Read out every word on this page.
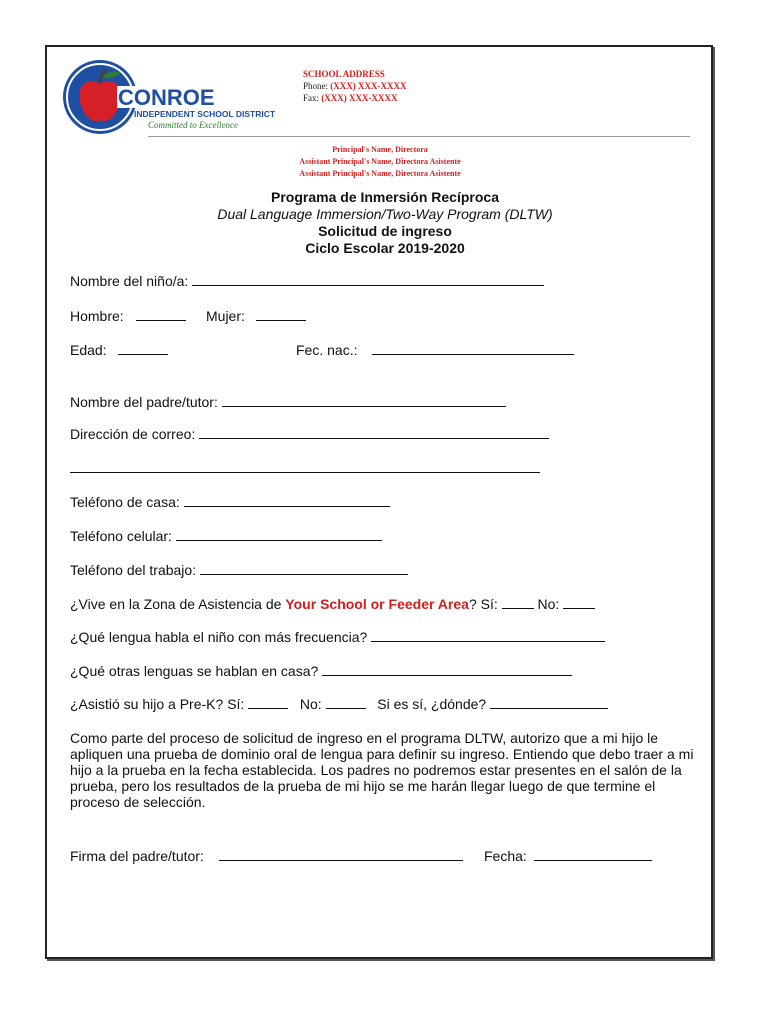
CONROE
INDEPENDENT SCHOOL DISTRICT
Committed to Excellence
SCHOOL ADDRESS
Phone: (XXX) XXX-XXXX
Fax: (XXX) XXX-XXXX
Principal's Name, Directora
Assistant Principal's Name, Directora Asistente
Assistant Principal's Name, Directora Asistente
Programa de Inmersión Recíproca
Dual Language Immersion/Two-Way Program (DLTW)
Solicitud de ingreso
Ciclo Escolar 2019-2020
Nombre del niño/a:
Hombre:	Mujer:
Edad:	Fec. nac.:
Nombre del padre/tutor:
Dirección de correo:
Teléfono de casa:
Teléfono celular:
Teléfono del trabajo:
¿Vive en la Zona de Asistencia de Your School or Feeder Area? Sí:	No:
¿Qué lengua habla el niño con más frecuencia?
¿Qué otras lenguas se hablan en casa?
¿Asistió su hijo a Pre-K? Sí:	No:	Si es sí, ¿dónde?
Como parte del proceso de solicitud de ingreso en el programa DLTW, autorizo que a mi hijo le apliquen una prueba de dominio oral de lengua para definir su ingreso. Entiendo que debo traer a mi hijo a la prueba en la fecha establecida. Los padres no podremos estar presentes en el salón de la prueba, pero los resultados de la prueba de mi hijo se me harán llegar luego de que termine el proceso de selección.
Firma del padre/tutor:	Fecha:
